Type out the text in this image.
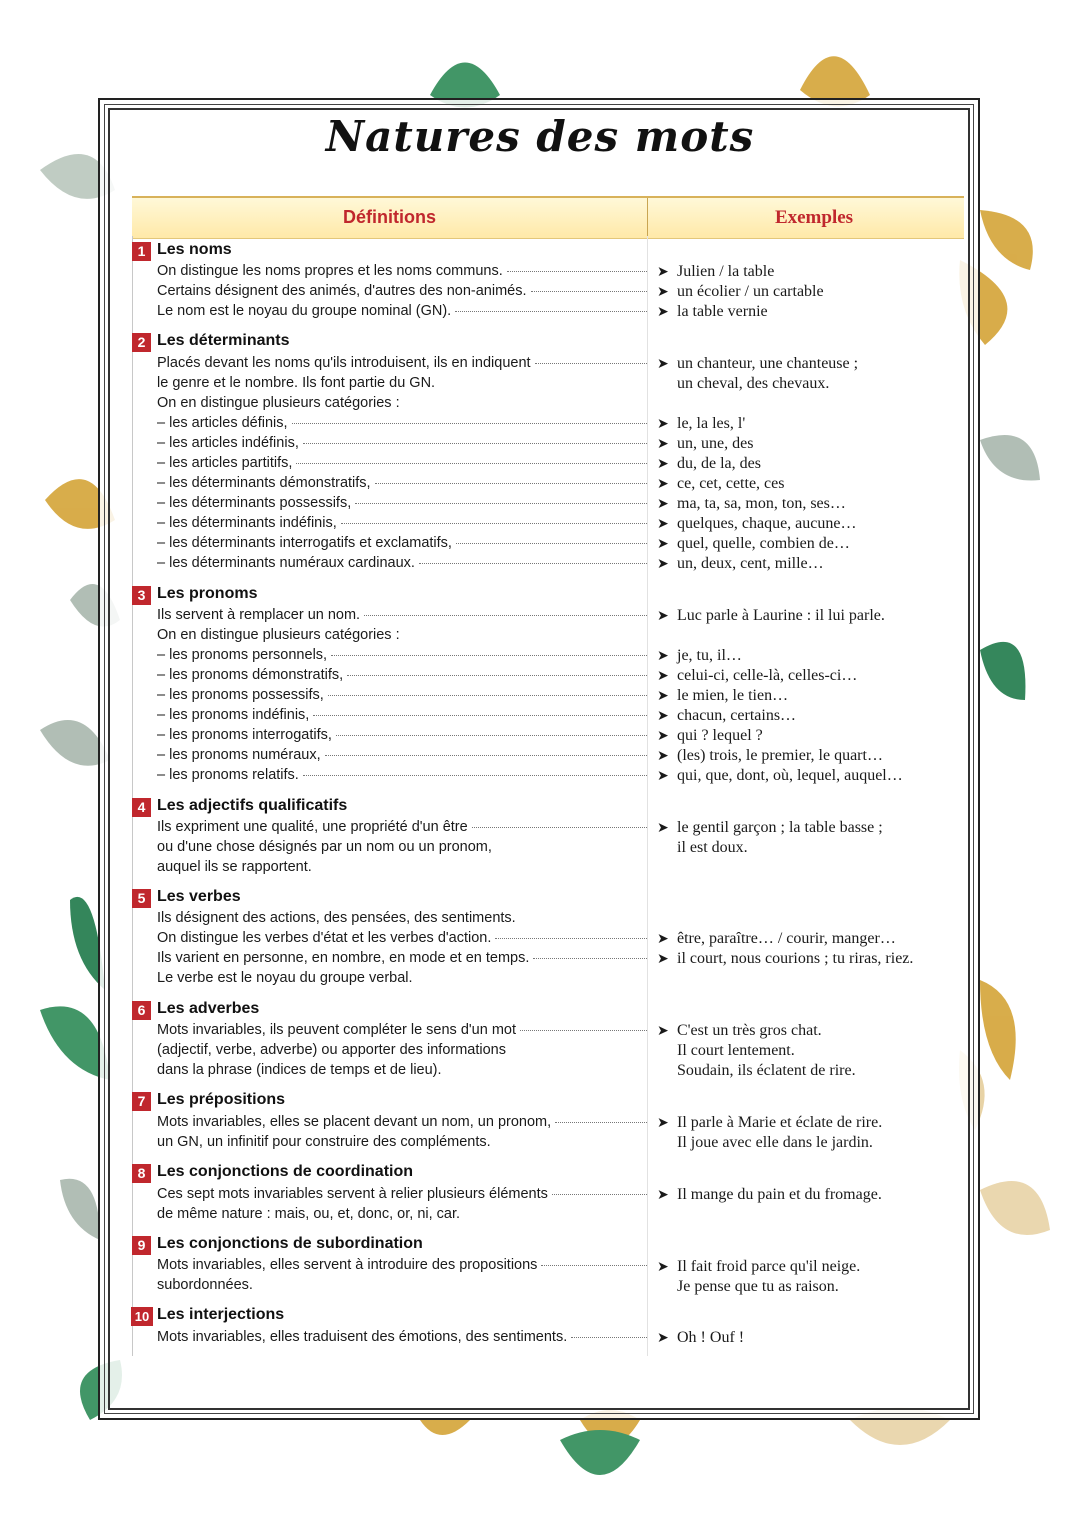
Natures des mots
Définitions	Exemples
1 Les noms
On distingue les noms propres et les noms communs.
Certains désignent des animés, d'autres des non-animés.
Le nom est le noyau du groupe nominal (GN).
➤ Julien / la table
➤ un écolier / un cartable
➤ la table vernie
2 Les déterminants
Placés devant les noms qu'ils introduisent, ils en indiquent
le genre et le nombre. Ils font partie du GN.
On en distingue plusieurs catégories :
– les articles définis,
– les articles indéfinis,
– les articles partitifs,
– les déterminants démonstratifs,
– les déterminants possessifs,
– les déterminants indéfinis,
– les déterminants interrogatifs et exclamatifs,
– les déterminants numéraux cardinaux.
➤ un chanteur, une chanteuse ;
un cheval, des chevaux.
➤ le, la les, l'
➤ un, une, des
➤ du, de la, des
➤ ce, cet, cette, ces
➤ ma, ta, sa, mon, ton, ses…
➤ quelques, chaque, aucune…
➤ quel, quelle, combien de…
➤ un, deux, cent, mille…
3 Les pronoms
Ils servent à remplacer un nom.
On en distingue plusieurs catégories :
– les pronoms personnels,
– les pronoms démonstratifs,
– les pronoms possessifs,
– les pronoms indéfinis,
– les pronoms interrogatifs,
– les pronoms numéraux,
– les pronoms relatifs.
➤ Luc parle à Laurine : il lui parle.
➤ je, tu, il…
➤ celui-ci, celle-là, celles-ci…
➤ le mien, le tien…
➤ chacun, certains…
➤ qui ? lequel ?
➤ (les) trois, le premier, le quart…
➤ qui, que, dont, où, lequel, auquel…
4 Les adjectifs qualificatifs
Ils expriment une qualité, une propriété d'un être
ou d'une chose désignés par un nom ou un pronom,
auquel ils se rapportent.
➤ le gentil garçon ; la table basse ;
il est doux.
5 Les verbes
Ils désignent des actions, des pensées, des sentiments.
On distingue les verbes d'état et les verbes d'action.
Ils varient en personne, en nombre, en mode et en temps.
Le verbe est le noyau du groupe verbal.
➤ être, paraître… / courir, manger…
➤ il court, nous courions ; tu riras, riez.
6 Les adverbes
Mots invariables, ils peuvent compléter le sens d'un mot
(adjectif, verbe, adverbe) ou apporter des informations
dans la phrase (indices de temps et de lieu).
➤ C'est un très gros chat.
Il court lentement.
Soudain, ils éclatent de rire.
7 Les prépositions
Mots invariables, elles se placent devant un nom, un pronom,
un GN, un infinitif pour construire des compléments.
➤ Il parle à Marie et éclate de rire.
Il joue avec elle dans le jardin.
8 Les conjonctions de coordination
Ces sept mots invariables servent à relier plusieurs éléments
de même nature : mais, ou, et, donc, or, ni, car.
➤ Il mange du pain et du fromage.
9 Les conjonctions de subordination
Mots invariables, elles servent à introduire des propositions
subordonnées.
➤ Il fait froid parce qu'il neige.
Je pense que tu as raison.
10 Les interjections
Mots invariables, elles traduisent des émotions, des sentiments.	➤ Oh ! Ouf !
